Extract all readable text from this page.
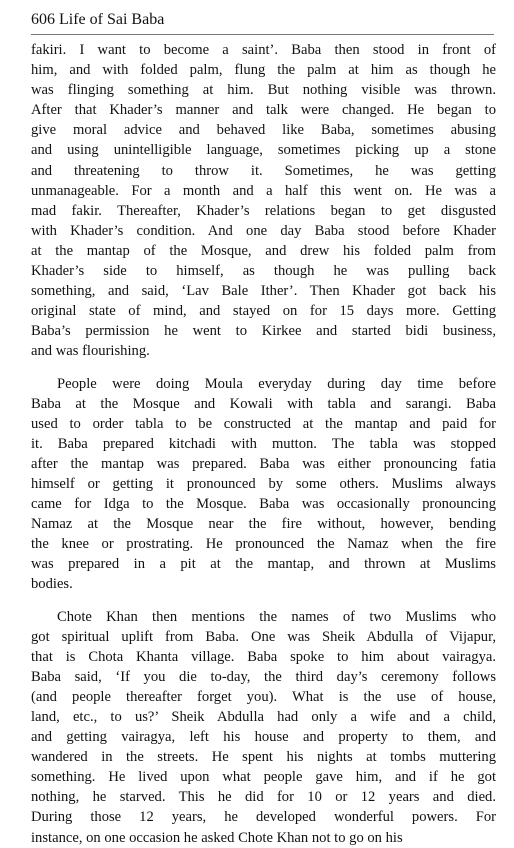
606 Life of Sai Baba
fakiri. I want to become a saint’. Baba then stood in front of
him, and with folded palm, flung the palm at him as though he
was flinging something at him. But nothing visible was thrown.
After that Khader’s manner and talk were changed. He began to
give moral advice and behaved like Baba, sometimes abusing
and using unintelligible language, sometimes picking up a stone
and threatening to throw it. Sometimes, he was getting
unmanageable. For a month and a half this went on. He was a
mad fakir. Thereafter, Khader’s relations began to get disgusted
with Khader’s condition. And one day Baba stood before Khader
at the mantap of the Mosque, and drew his folded palm from
Khader’s side to himself, as though he was pulling back
something, and said, ‘Lav Bale Ither’. Then Khader got back his
original state of mind, and stayed on for 15 days more. Getting
Baba’s permission he went to Kirkee and started bidi business,
and was flourishing.
People were doing Moula everyday during day time before
Baba at the Mosque and Kowali with tabla and sarangi. Baba
used to order tabla to be constructed at the mantap and paid for
it. Baba prepared kitchadi with mutton. The tabla was stopped
after the mantap was prepared. Baba was either pronouncing fatia
himself or getting it pronounced by some others. Muslims always
came for Idga to the Mosque. Baba was occasionally pronouncing
Namaz at the Mosque near the fire without, however, bending
the knee or prostrating. He pronounced the Namaz when the fire
was prepared in a pit at the mantap, and thrown at Muslims
bodies.
Chote Khan then mentions the names of two Muslims who
got spiritual uplift from Baba. One was Sheik Abdulla of Vijapur,
that is Chota Khanta village. Baba spoke to him about vairagya.
Baba said, ‘If you die to-day, the third day’s ceremony follows
(and people thereafter forget you). What is the use of house,
land, etc., to us?’ Sheik Abdulla had only a wife and a child,
and getting vairagya, left his house and property to them, and
wandered in the streets. He spent his nights at tombs muttering
something. He lived upon what people gave him, and if he got
nothing, he starved. This he did for 10 or 12 years and died.
During those 12 years, he developed wonderful powers. For
instance, on one occasion he asked Chote Khan not to go on his
